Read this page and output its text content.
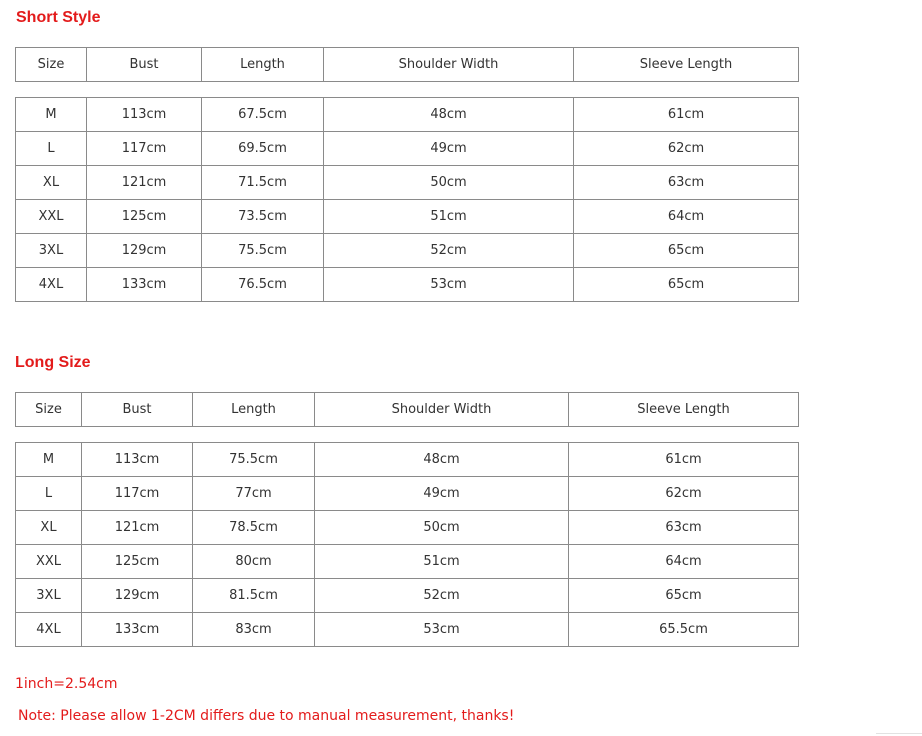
Short Style
Size	Bust	Length	Shoulder Width	Sleeve Length
M	113cm	67.5cm	48cm	61cm
L	117cm	69.5cm	49cm	62cm
XL	121cm	71.5cm	50cm	63cm
XXL	125cm	73.5cm	51cm	64cm
3XL	129cm	75.5cm	52cm	65cm
4XL	133cm	76.5cm	53cm	65cm
Long Size
Size	Bust	Length	Shoulder Width	Sleeve Length
M	113cm	75.5cm	48cm	61cm
L	117cm	77cm	49cm	62cm
XL	121cm	78.5cm	50cm	63cm
XXL	125cm	80cm	51cm	64cm
3XL	129cm	81.5cm	52cm	65cm
4XL	133cm	83cm	53cm	65.5cm

1inch=2.54cm

Note: Please allow 1-2CM differs due to manual measurement, thanks!
